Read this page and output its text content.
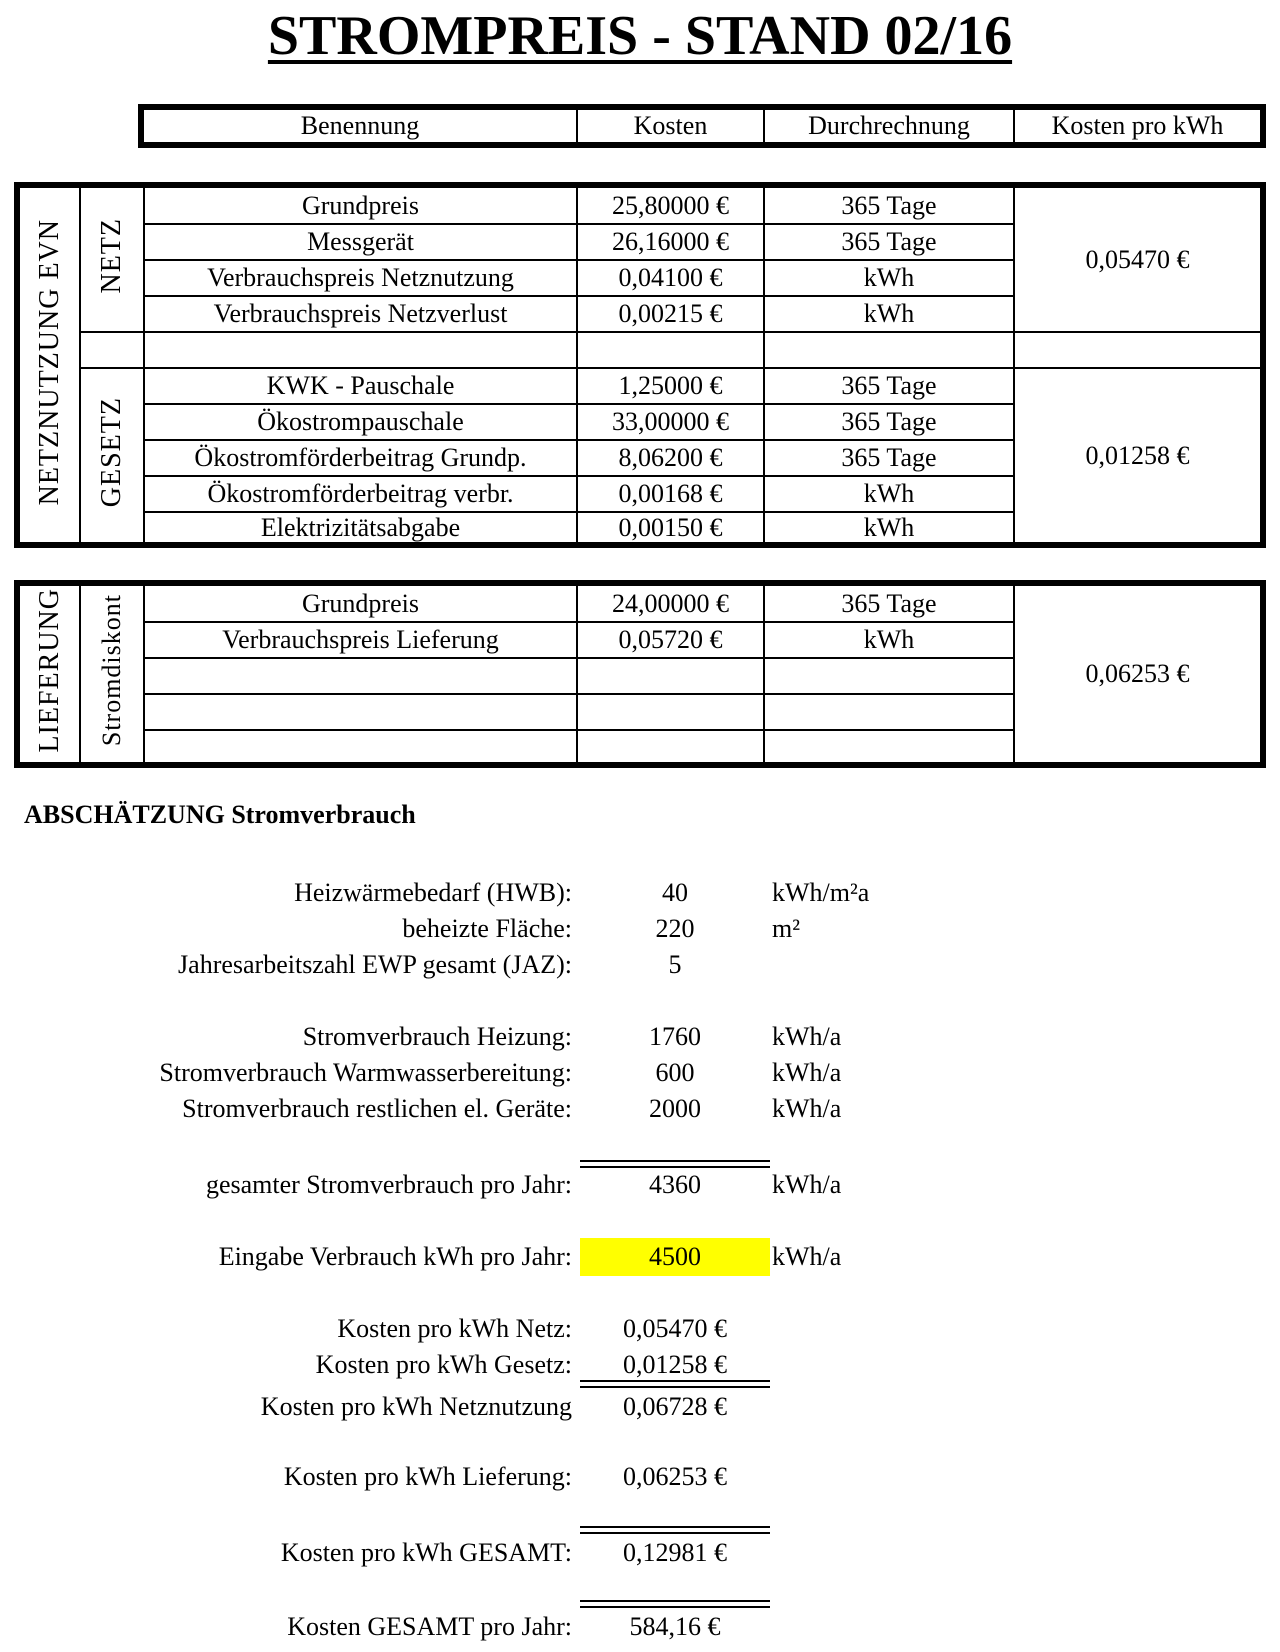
STROMPREIS - STAND 02/16
Benennung	Kosten	Durchrechnung	Kosten pro kWh
NETZNUTZUNG EVN	NETZ	Grundpreis	25,80000 €	365 Tage	0,05470 €
		Messgerät	26,16000 €	365 Tage	
		Verbrauchspreis Netznutzung	0,04100 €	kWh	
		Verbrauchspreis Netzverlust	0,00215 €	kWh	

	GESETZ	KWK - Pauschale	1,25000 €	365 Tage	0,01258 €
		Ökostrompauschale	33,00000 €	365 Tage	
		Ökostromförderbeitrag Grundp.	8,06200 €	365 Tage	
		Ökostromförderbeitrag verbr.	0,00168 €	kWh	
		Elektrizitätsabgabe	0,00150 €	kWh	
LIEFERUNG	Stromdiskont	Grundpreis	24,00000 €	365 Tage	0,06253 €
		Verbrauchspreis Lieferung	0,05720 €	kWh	

ABSCHÄTZUNG Stromverbrauch
Heizwärmebedarf (HWB):	40	kWh/m²a
beheizte Fläche:	220	m²
Jahresarbeitszahl EWP gesamt (JAZ):	5
Stromverbrauch Heizung:	1760	kWh/a
Stromverbrauch Warmwasserbereitung:	600	kWh/a
Stromverbrauch restlichen el. Geräte:	2000	kWh/a
gesamter Stromverbrauch pro Jahr:	4360	kWh/a
Eingabe Verbrauch kWh pro Jahr:	4500	kWh/a
Kosten pro kWh Netz:	0,05470 €
Kosten pro kWh Gesetz:	0,01258 €
Kosten pro kWh Netznutzung	0,06728 €
Kosten pro kWh Lieferung:	0,06253 €
Kosten pro kWh GESAMT:	0,12981 €
Kosten GESAMT pro Jahr:	584,16 €
